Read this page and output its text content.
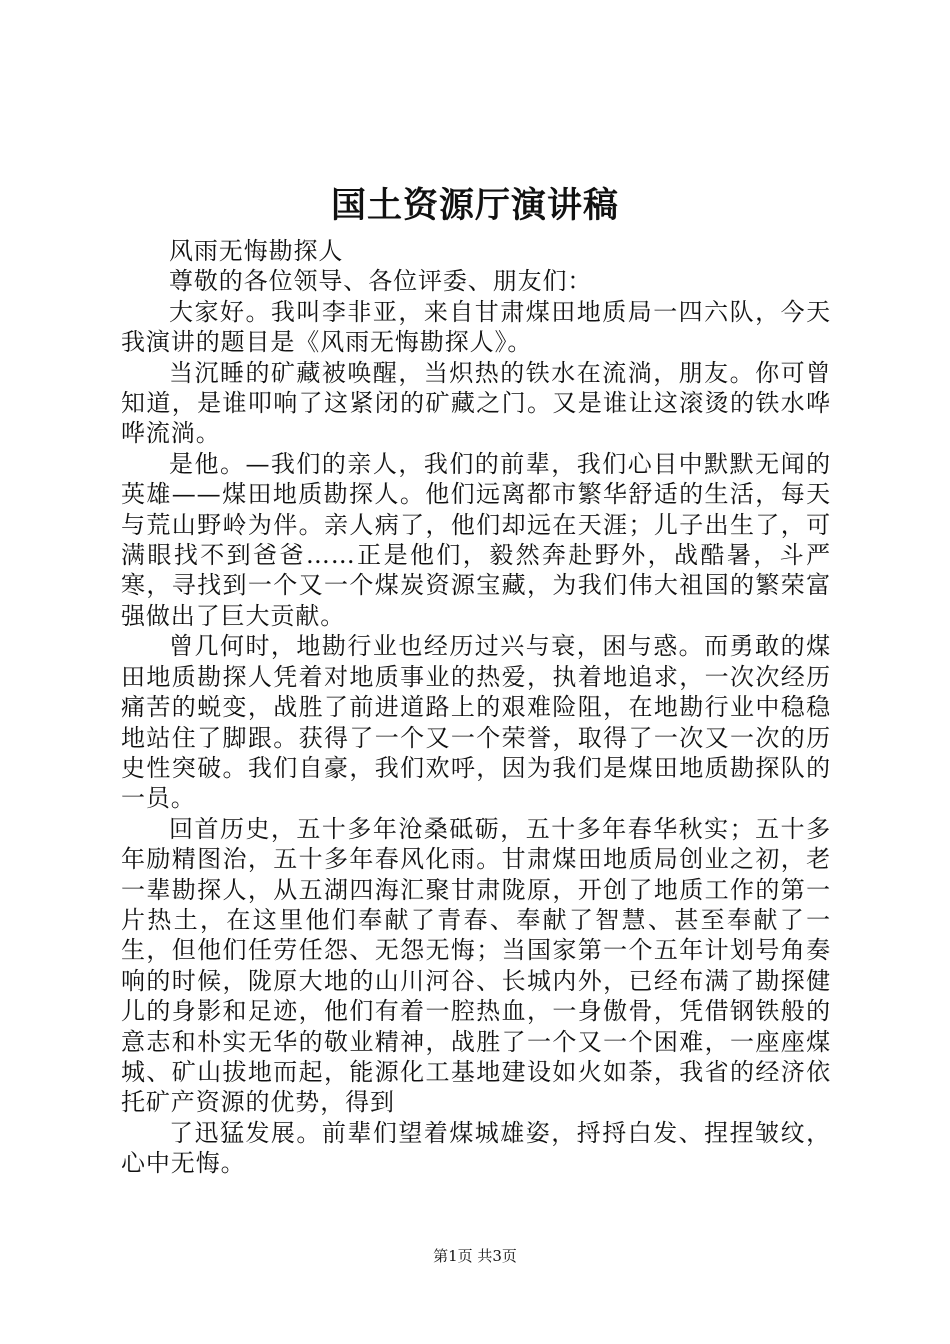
国土资源厅演讲稿

风雨无悔勘探人

尊敬的各位领导、各位评委、朋友们：

大家好。我叫李非亚，来自甘肃煤田地质局一四六队，今天我演讲的题目是《风雨无悔勘探人》。

当沉睡的矿藏被唤醒，当炽热的铁水在流淌，朋友。你可曾知道，是谁叩响了这紧闭的矿藏之门。又是谁让这滚烫的铁水哗哗流淌。

是他。—我们的亲人，我们的前辈，我们心目中默默无闻的英雄——煤田地质勘探人。他们远离都市繁华舒适的生活，每天与荒山野岭为伴。亲人病了，他们却远在天涯；儿子出生了，可满眼找不到爸爸……正是他们，毅然奔赴野外，战酷暑，斗严寒，寻找到一个又一个煤炭资源宝藏，为我们伟大祖国的繁荣富强做出了巨大贡献。

曾几何时，地勘行业也经历过兴与衰，困与惑。而勇敢的煤田地质勘探人凭着对地质事业的热爱，执着地追求，一次次经历痛苦的蜕变，战胜了前进道路上的艰难险阻，在地勘行业中稳稳地站住了脚跟。获得了一个又一个荣誉，取得了一次又一次的历史性突破。我们自豪，我们欢呼，因为我们是煤田地质勘探队的一员。

回首历史，五十多年沧桑砥砺，五十多年春华秋实；五十多年励精图治，五十多年春风化雨。甘肃煤田地质局创业之初，老一辈勘探人，从五湖四海汇聚甘肃陇原，开创了地质工作的第一片热土，在这里他们奉献了青春、奉献了智慧、甚至奉献了一生，但他们任劳任怨、无怨无悔；当国家第一个五年计划号角奏响的时候，陇原大地的山川河谷、长城内外，已经布满了勘探健儿的身影和足迹，他们有着一腔热血，一身傲骨，凭借钢铁般的意志和朴实无华的敬业精神，战胜了一个又一个困难，一座座煤城、矿山拔地而起，能源化工基地建设如火如荼，我省的经济依托矿产资源的优势，得到

了迅猛发展。前辈们望着煤城雄姿，捋捋白发、捏捏皱纹，心中无悔。

第1页 共3页
